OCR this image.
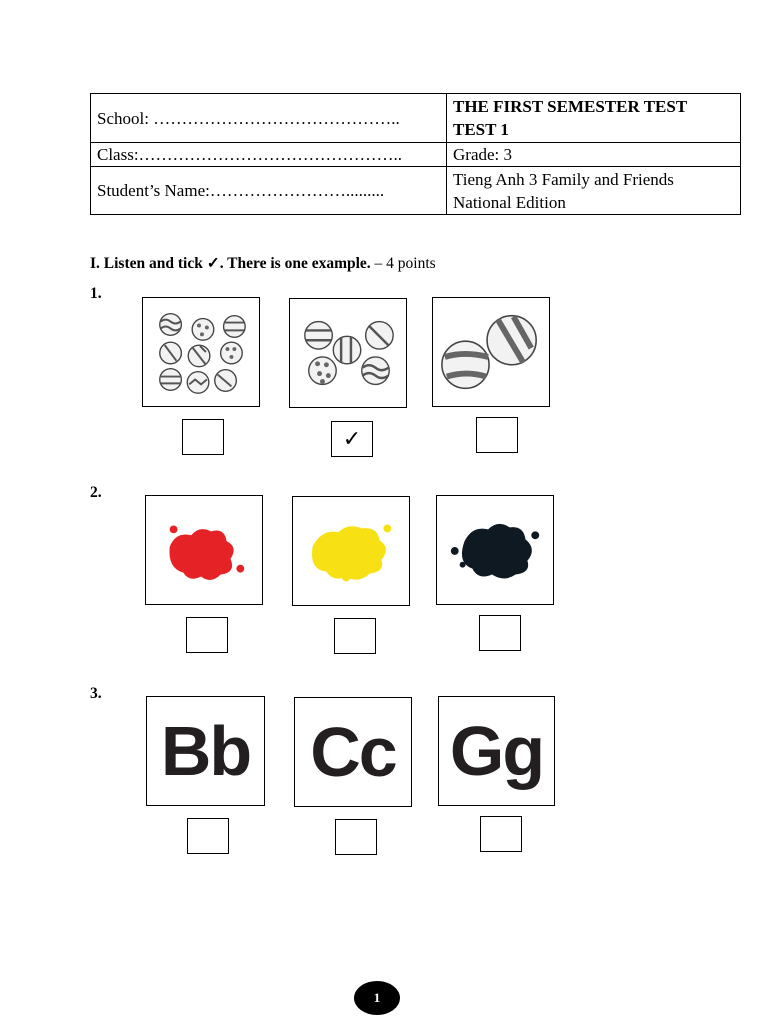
School: ……………………………………..	THE FIRST SEMESTER TEST
TEST 1

Class:………………………………………..	Grade: 3
Student’s Name:…………………….........	Tieng Anh 3 Family and Friends
National Edition
I. Listen and tick ✓. There is one example. – 4 points
1.
✓
2.
3.
Bb Cc Gg
1
